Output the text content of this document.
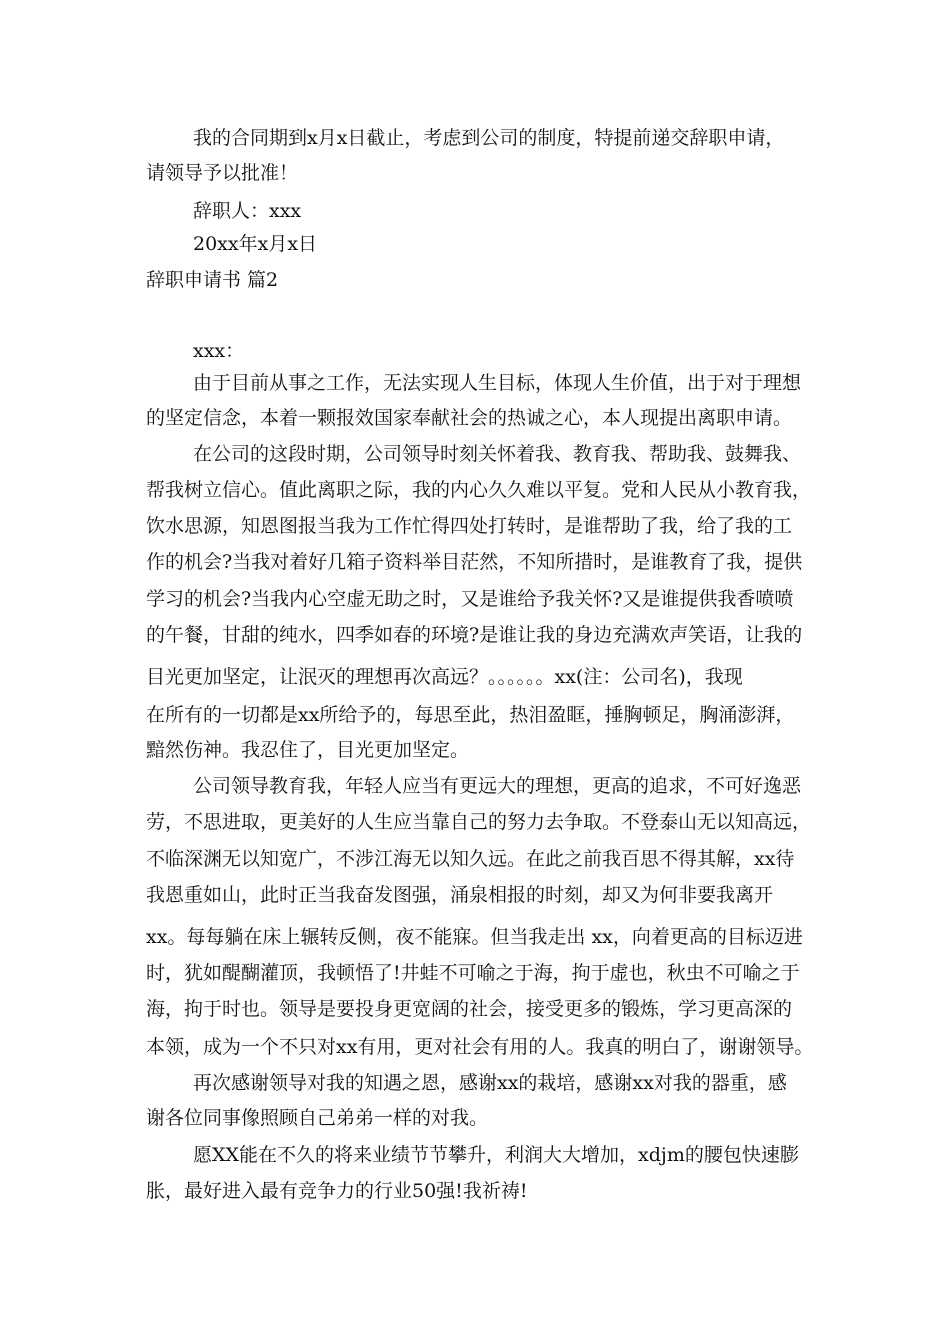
我的合同期到x月x日截止，考虑到公司的制度，特提前递交辞职申请，
请领导予以批准！
辞职人：xxx
20xx年x月x日
辞职申请书 篇2
xxx：
由于目前从事之工作，无法实现人生目标，体现人生价值，出于对于理想
的坚定信念，本着一颗报效国家奉献社会的热诚之心，本人现提出离职申请。
在公司的这段时期，公司领导时刻关怀着我、教育我、帮助我、鼓舞我、
帮我树立信心。值此离职之际，我的内心久久难以平复。党和人民从小教育我，
饮水思源，知恩图报当我为工作忙得四处打转时，是谁帮助了我，给了我的工
作的机会?当我对着好几箱子资料举目茫然，不知所措时，是谁教育了我，提供
学习的机会?当我内心空虚无助之时，又是谁给予我关怀?又是谁提供我香喷喷
的午餐，甘甜的纯水，四季如春的环境?是谁让我的身边充满欢声笑语，让我的
目光更加坚定，让泯灭的理想再次高远？。。。。。。xx(注：公司名)，我现
在所有的一切都是xx所给予的，每思至此，热泪盈眶，捶胸顿足，胸涌澎湃，
黯然伤神。我忍住了，目光更加坚定。
公司领导教育我，年轻人应当有更远大的理想，更高的追求，不可好逸恶
劳，不思进取，更美好的人生应当靠自己的努力去争取。不登泰山无以知高远，
不临深渊无以知宽广，不涉江海无以知久远。在此之前我百思不得其解，xx待
我恩重如山，此时正当我奋发图强，涌泉相报的时刻，却又为何非要我离开
xx。每每躺在床上辗转反侧，夜不能寐。但当我走出 xx，向着更高的目标迈进
时，犹如醍醐灌顶，我顿悟了!井蛙不可喻之于海，拘于虚也，秋虫不可喻之于
海，拘于时也。领导是要投身更宽阔的社会，接受更多的锻炼，学习更高深的
本领，成为一个不只对xx有用，更对社会有用的人。我真的明白了，谢谢领导。
再次感谢领导对我的知遇之恩，感谢xx的栽培，感谢xx对我的器重，感
谢各位同事像照顾自己弟弟一样的对我。
愿XX能在不久的将来业绩节节攀升，利润大大增加，xdjm的腰包快速膨
胀，最好进入最有竞争力的行业50强!我祈祷!
